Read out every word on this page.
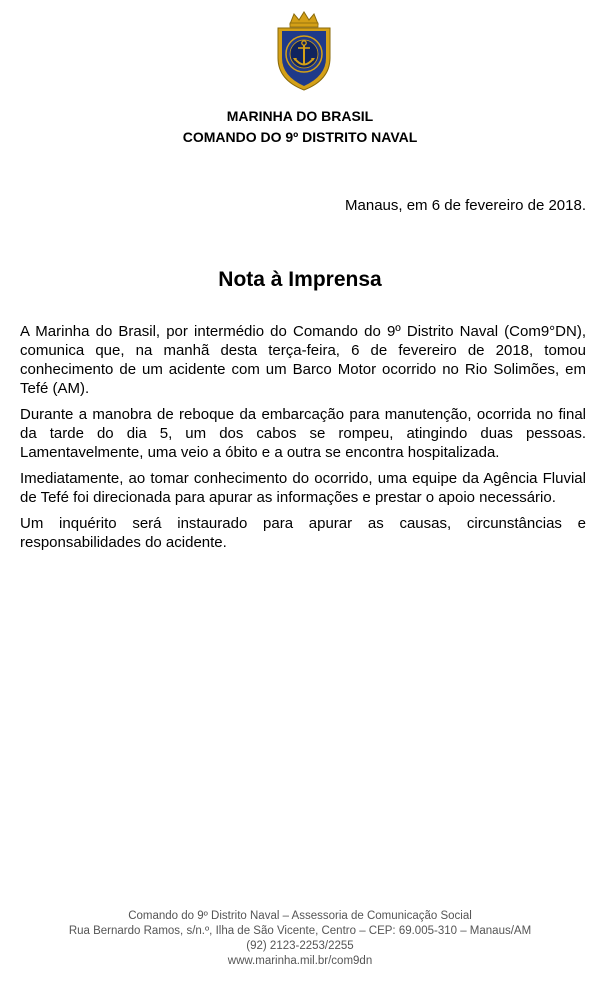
MARINHA DO BRASIL
COMANDO DO 9º DISTRITO NAVAL
Manaus, em 6 de fevereiro de 2018.
Nota à Imprensa

A Marinha do Brasil, por intermédio do Comando do 9º Distrito Naval (Com9°DN), comunica que, na manhã desta terça-feira, 6 de fevereiro de 2018, tomou conhecimento de um acidente com um Barco Motor ocorrido no Rio Solimões, em Tefé (AM).

Durante a manobra de reboque da embarcação para manutenção, ocorrida no final da tarde do dia 5, um dos cabos se rompeu, atingindo duas pessoas. Lamentavelmente, uma veio a óbito e a outra se encontra hospitalizada.

Imediatamente, ao tomar conhecimento do ocorrido, uma equipe da Agência Fluvial de Tefé foi direcionada para apurar as informações e prestar o apoio necessário.

Um inquérito será instaurado para apurar as causas, circunstâncias e responsabilidades do acidente.

Comando do 9º Distrito Naval – Assessoria de Comunicação Social
Rua Bernardo Ramos, s/n.º, Ilha de São Vicente, Centro – CEP: 69.005-310 – Manaus/AM
(92) 2123-2253/2255
www.marinha.mil.br/com9dn
